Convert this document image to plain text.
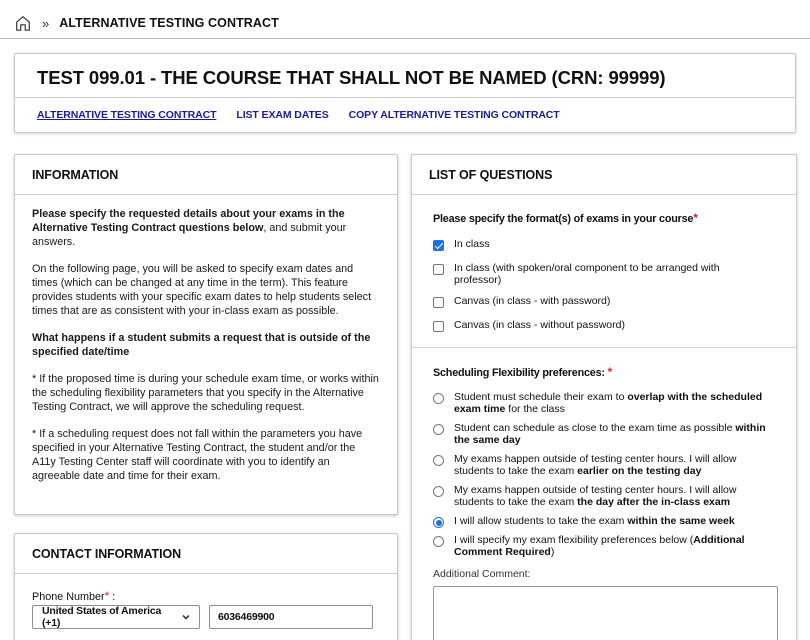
» ALTERNATIVE TESTING CONTRACT
TEST 099.01 - THE COURSE THAT SHALL NOT BE NAMED (CRN: 99999)
ALTERNATIVE TESTING CONTRACT LIST EXAM DATES COPY ALTERNATIVE TESTING CONTRACT
INFORMATION

Please specify the requested details about your exams in the Alternative Testing Contract questions below, and submit your answers.

On the following page, you will be asked to specify exam dates and times (which can be changed at any time in the term). This feature provides students with your specific exam dates to help students select times that are as consistent with your in-class exam as possible.

What happens if a student submits a request that is outside of the specified date/time

* If the proposed time is during your schedule exam time, or works within the scheduling flexibility parameters that you specify in the Alternative Testing Contract, we will approve the scheduling request.

* If a scheduling request does not fall within the parameters you have specified in your Alternative Testing Contract, the student and/or the A11y Testing Center staff will coordinate with you to identify an agreeable date and time for their exam.

CONTACT INFORMATION
Phone Number* :
United States of America (+1)	6036469900
LIST OF QUESTIONS
Please specify the format(s) of exams in your course*
In class
In class (with spoken/oral component to be arranged with professor)
Canvas (in class - with password)
Canvas (in class - without password)
Scheduling Flexibility preferences: *
Student must schedule their exam to overlap with the scheduled exam time for the class
Student can schedule as close to the exam time as possible within the same day
My exams happen outside of testing center hours. I will allow students to take the exam earlier on the testing day
My exams happen outside of testing center hours. I will allow students to take the exam the day after the in-class exam
I will allow students to take the exam within the same week
I will specify my exam flexibility preferences below (Additional Comment Required)
Additional Comment:
